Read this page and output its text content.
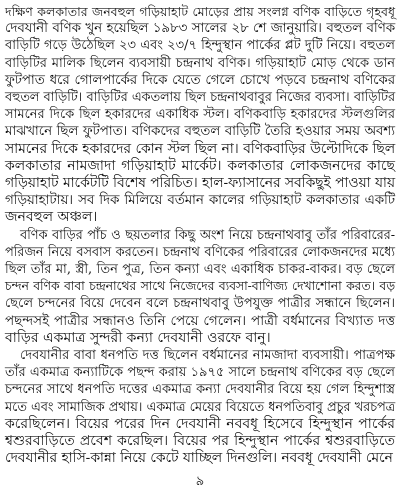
দক্ষিণ কলকাতার জনবহুল গড়িয়াহাট মোড়ের প্রায় সংলগ্ন বণিক বাড়িতে গৃহবধূ
দেবযানী বণিক খুন হয়েছিল ১৯৮৩ সালের ২৮ শে জানুয়ারি। বহুতল বণিক
বাড়িটি গড়ে উঠেছিল ২৩ এবং ২৩/৭ হিন্দুস্থান পার্কের প্লট দুটি নিয়ে। বহুতল
বাড়িটির মালিক ছিলেন ব্যবসায়ী চন্দ্রনাথ বণিক। গড়িয়াহাট মোড় থেকে ডান
ফুটপাত ধরে গোলপার্কের দিকে যেতে গেলে চোখে পড়বে চন্দ্রনাথ বণিকের
বহুতল বাড়িটি। বাড়িটির একতলায় ছিল চন্দ্রনাথবাবুর নিজের ব্যবসা। বাড়িটির
সামনের দিকে ছিল হকারদের একাধিক স্টল। বণিকবাড়ি হকারদের স্টলগুলির
মাঝখানে ছিল ফুটপাত। বণিকদের বহুতল বাড়িটি তৈরি হওয়ার সময় অবশ্য
সামনের দিকে হকারদের কোন স্টল ছিল না। বণিকবাড়ির উল্টোদিকে ছিল
কলকাতার নামজাদা গড়িয়াহাট মার্কেট। কলকাতার লোকজনদের কাছে
গড়িয়াহাট মার্কেটটি বিশেষ পরিচিত। হাল-ফ্যাসানের সবকিছুই পাওয়া যায়
গড়িয়াহাটায়। সব দিক মিলিয়ে বর্তমান কালের গড়িয়াহাট কলকাতার একটি
জনবহুল অঞ্চল।
বণিক বাড়ির পাঁচ ও ছয়তলার কিছু অংশ নিয়ে চন্দ্রনাথবাবু তাঁর পরিবারের-
পরিজন নিয়ে বসবাস করতেন। চন্দ্রনাথ বণিকের পরিবারের লোকজনদের মধ্যে
ছিল তাঁর মা, স্ত্রী, তিন পুত্র, তিন কন্যা এবং একাধিক চাকর-বাকর। বড় ছেলে
চন্দন বণিক বাবা চন্দ্রনাথের সাথে নিজেদের ব্যবসা-বাণিজ্য দেখাশোনা করত। বড়
ছেলে চন্দনের বিয়ে দেবেন বলে চন্দ্রনাথবাবু উপযুক্ত পাত্রীর সন্ধানে ছিলেন।
পছন্দসই পাত্রীর সন্ধানও তিনি পেয়ে গেলেন। পাত্রী বর্ধমানের বিখ্যাত দত্ত
বাড়ির একমাত্র সুন্দরী কন্যা দেবযানী ওরফে বানু।
দেবযানীর বাবা ধনপতি দত্ত ছিলেন বর্ধমানের নামজাদা ব্যবসায়ী। পাত্রপক্ষ
তাঁর একমাত্র কন্যাটিকে পছন্দ করায় ১৯৭৫ সালে চন্দ্রনাথ বণিকের বড় ছেলে
চন্দনের সাথে ধনপতি দত্তের একমাত্র কন্যা দেবযানীর বিয়ে হয় গেল হিন্দুশাস্ত্র
মতে এবং সামাজিক প্রথায়। একমাত্র মেয়ের বিয়েতে ধনপতিবাবু প্রচুর খরচপত্র
করেছিলেন। বিয়ের পরের দিন দেবযানী নববধূ হিসেবে হিন্দুস্থান পার্কের
শ্বশুরবাড়িতে প্রবেশ করেছিল। বিয়ের পর হিন্দুস্থান পার্কের শ্বশুরবাড়িতে
দেবযানীর হাসি-কান্না নিয়ে কেটে যাচ্ছিল দিনগুলি। নববধূ দেবযানী মেনে
৯
